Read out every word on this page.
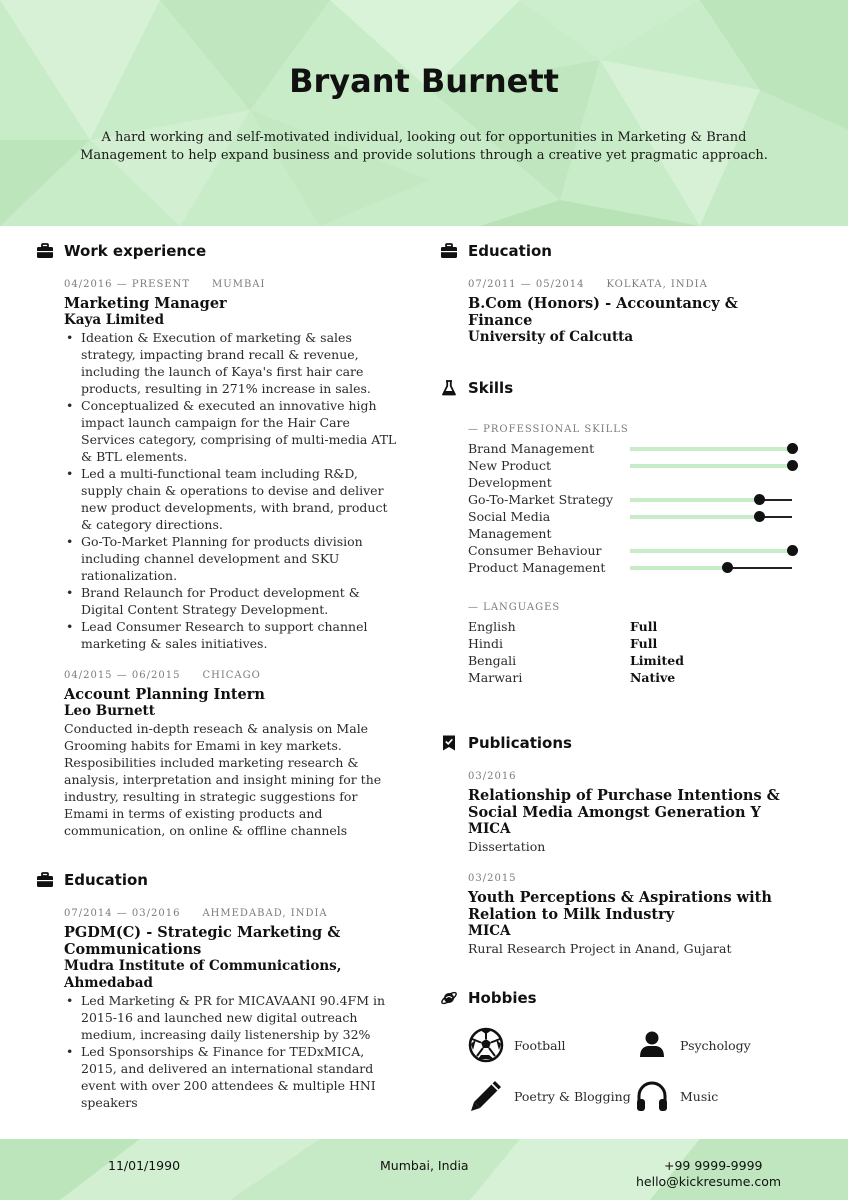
Bryant Burnett
A hard working and self-motivated individual, looking out for opportunities in Marketing & Brand Management to help expand business and provide solutions through a creative yet pragmatic approach.
Work experience
04/2016 — PRESENT MUMBAI
Marketing Manager
Kaya Limited
• Ideation & Execution of marketing & sales strategy, impacting brand recall & revenue, including the launch of Kaya's first hair care products, resulting in 271% increase in sales.
• Conceptualized & executed an innovative high impact launch campaign for the Hair Care Services category, comprising of multi-media ATL & BTL elements.
• Led a multi-functional team including R&D, supply chain & operations to devise and deliver new product developments, with brand, product & category directions.
• Go-To-Market Planning for products division including channel development and SKU rationalization.
• Brand Relaunch for Product development & Digital Content Strategy Development.
• Lead Consumer Research to support channel marketing & sales initiatives.
04/2015 — 06/2015 CHICAGO
Account Planning Intern
Leo Burnett
Conducted in-depth reseach & analysis on Male Grooming habits for Emami in key markets. Resposibilities included marketing research & analysis, interpretation and insight mining for the industry, resulting in strategic suggestions for Emami in terms of existing products and communication, on online & offline channels
Education
07/2014 — 03/2016 AHMEDABAD, INDIA
PGDM(C) - Strategic Marketing & Communications
Mudra Institute of Communications, Ahmedabad
• Led Marketing & PR for MICAVAANI 90.4FM in 2015-16 and launched new digital outreach medium, increasing daily listenership by 32%
• Led Sponsorships & Finance for TEDxMICA, 2015, and delivered an international standard event with over 200 attendees & multiple HNI speakers
Education
07/2011 — 05/2014 KOLKATA, INDIA
B.Com (Honors) - Accountancy & Finance
University of Calcutta
Skills
— PROFESSIONAL SKILLS
Brand Management
New Product Development
Go-To-Market Strategy
Social Media Management
Consumer Behaviour
Product Management
— LANGUAGES
English	Full
Hindi	Full
Bengali	Limited
Marwari	Native
Publications
03/2016
Relationship of Purchase Intentions & Social Media Amongst Generation Y
MICA
Dissertation
03/2015
Youth Perceptions & Aspirations with Relation to Milk Industry
MICA
Rural Research Project in Anand, Gujarat
Hobbies
Football	Psychology
Poetry & Blogging	Music
11/01/1990	Mumbai, India	+99 9999-9999
hello@kickresume.com
